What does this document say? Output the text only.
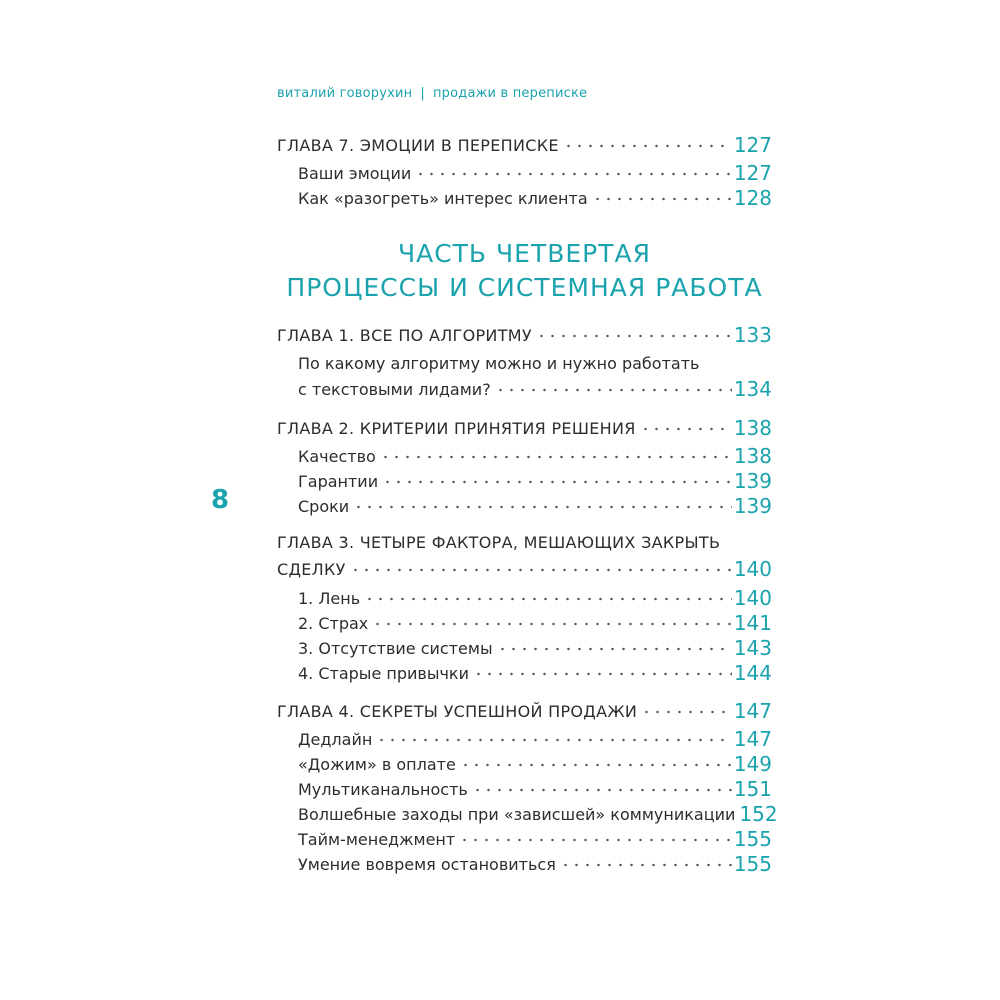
виталий говорухин | продажи в переписке
8
ГЛАВА 7. ЭМОЦИИ В ПЕРЕПИСКЕ	127
Ваши эмоции	127
Как «разогреть» интерес клиента	128
ЧАСТЬ ЧЕТВЕРТАЯ
ПРОЦЕССЫ И СИСТЕМНАЯ РАБОТА
ГЛАВА 1. ВСЕ ПО АЛГОРИТМУ	133
По какому алгоритму можно и нужно работать
с текстовыми лидами?	134
ГЛАВА 2. КРИТЕРИИ ПРИНЯТИЯ РЕШЕНИЯ	138
Качество	138
Гарантии	139
Сроки	139
ГЛАВА 3. ЧЕТЫРЕ ФАКТОРА, МЕШАЮЩИХ ЗАКРЫТЬ
СДЕЛКУ	140
1. Лень	140
2. Страх	141
3. Отсутствие системы	143
4. Старые привычки	144
ГЛАВА 4. СЕКРЕТЫ УСПЕШНОЙ ПРОДАЖИ	147
Дедлайн	147
«Дожим» в оплате	149
Мультиканальность	151
Волшебные заходы при «зависшей» коммуникации 152
Тайм-менеджмент	155
Умение вовремя остановиться	155
